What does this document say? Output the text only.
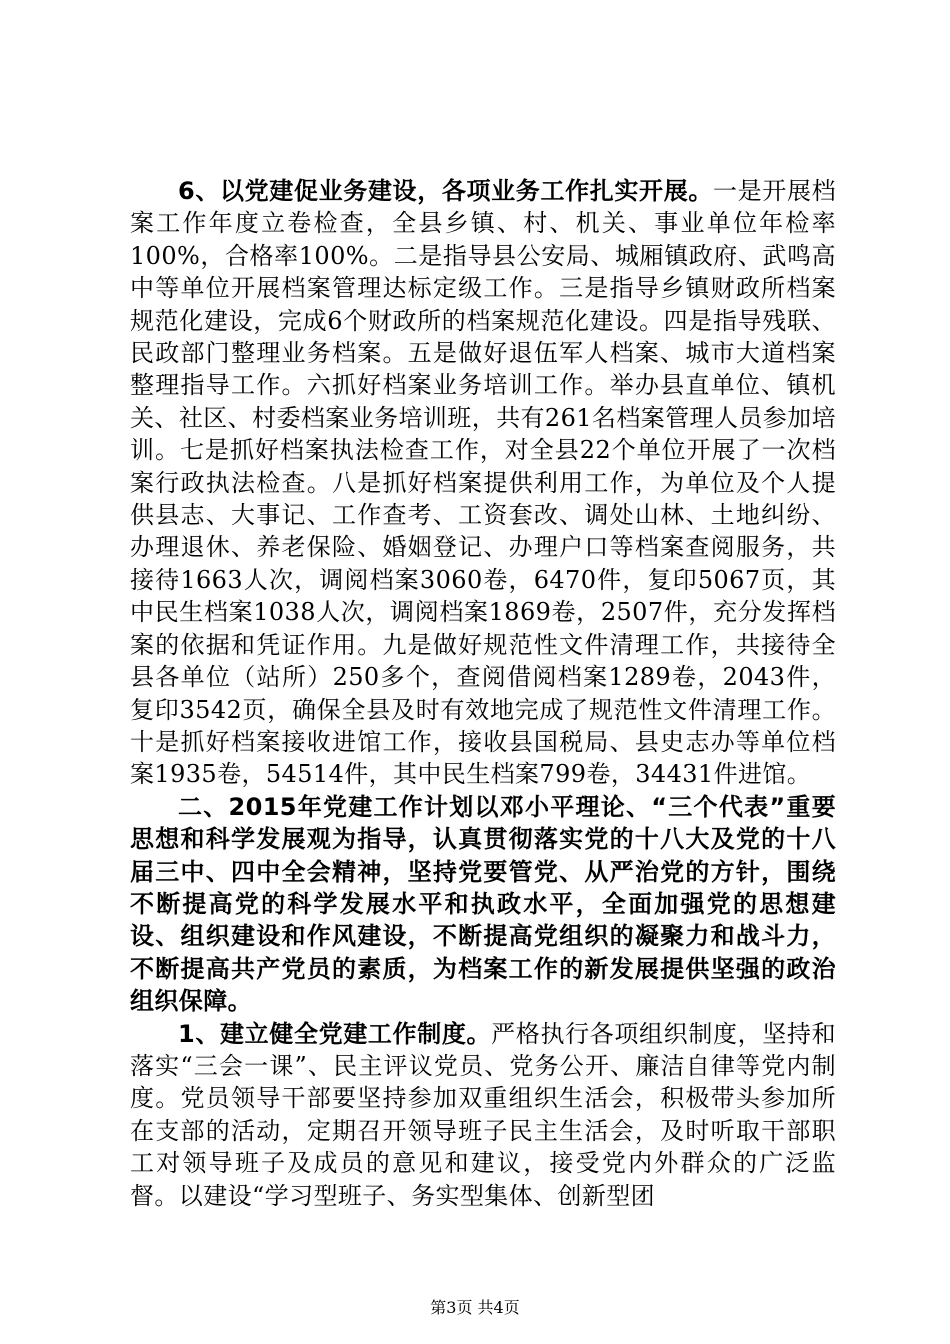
6、以党建促业务建设，各项业务工作扎实开展。一是开展档案工作年度立卷检查，全县乡镇、村、机关、事业单位年检率100%，合格率100%。二是指导县公安局、城厢镇政府、武鸣高中等单位开展档案管理达标定级工作。三是指导乡镇财政所档案规范化建设，完成6个财政所的档案规范化建设。四是指导残联、民政部门整理业务档案。五是做好退伍军人档案、城市大道档案整理指导工作。六抓好档案业务培训工作。举办县直单位、镇机关、社区、村委档案业务培训班，共有261名档案管理人员参加培训。七是抓好档案执法检查工作，对全县22个单位开展了一次档案行政执法检查。八是抓好档案提供利用工作，为单位及个人提供县志、大事记、工作查考、工资套改、调处山林、土地纠纷、办理退休、养老保险、婚姻登记、办理户口等档案查阅服务，共接待1663人次，调阅档案3060卷，6470件，复印5067页，其中民生档案1038人次，调阅档案1869卷，2507件，充分发挥档案的依据和凭证作用。九是做好规范性文件清理工作，共接待全县各单位（站所）250多个，查阅借阅档案1289卷，2043件，复印3542页，确保全县及时有效地完成了规范性文件清理工作。十是抓好档案接收进馆工作，接收县国税局、县史志办等单位档案1935卷，54514件，其中民生档案799卷，34431件进馆。

二、2015年党建工作计划以邓小平理论、“三个代表”重要思想和科学发展观为指导，认真贯彻落实党的十八大及党的十八届三中、四中全会精神，坚持党要管党、从严治党的方针，围绕不断提高党的科学发展水平和执政水平，全面加强党的思想建设、组织建设和作风建设，不断提高党组织的凝聚力和战斗力，不断提高共产党员的素质，为档案工作的新发展提供坚强的政治组织保障。

1、建立健全党建工作制度。严格执行各项组织制度，坚持和落实“三会一课”、民主评议党员、党务公开、廉洁自律等党内制度。党员领导干部要坚持参加双重组织生活会，积极带头参加所在支部的活动，定期召开领导班子民主生活会，及时听取干部职工对领导班子及成员的意见和建议，接受党内外群众的广泛监督。以建设“学习型班子、务实型集体、创新型团

第3页 共4页
